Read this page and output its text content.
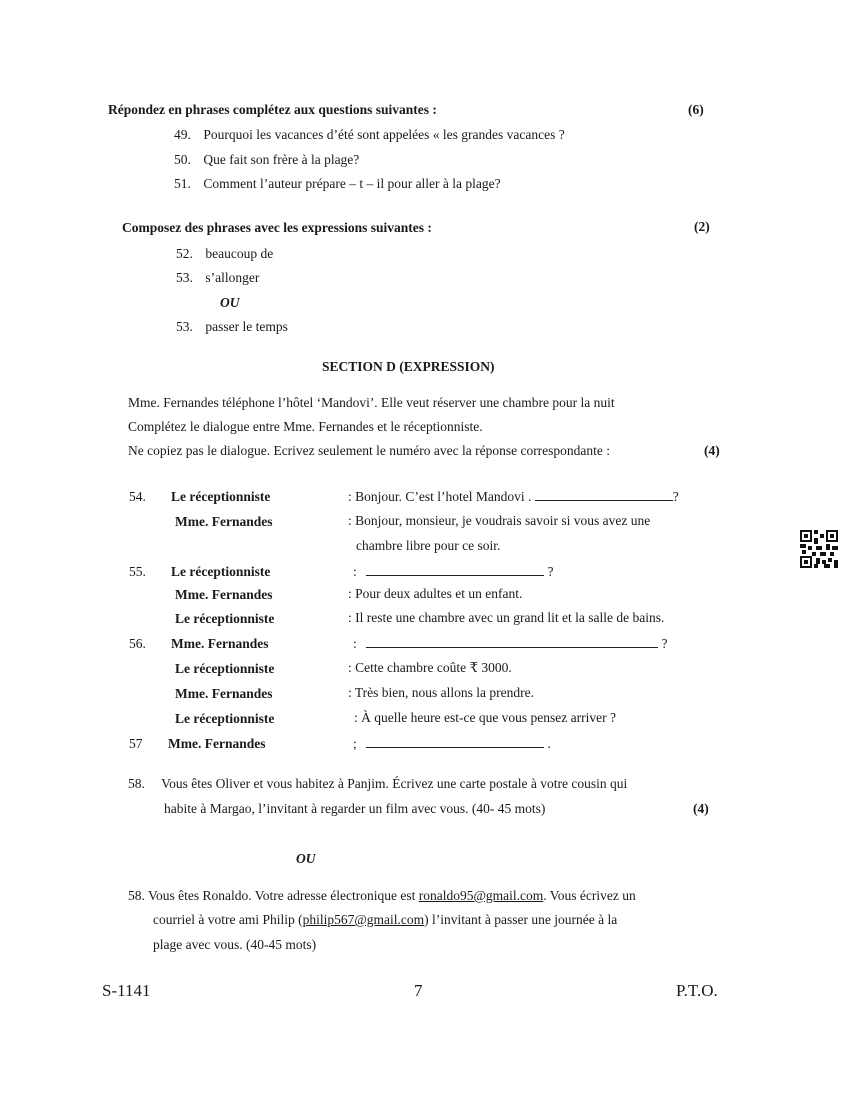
Répondez en phrases complétez aux questions suivantes :	(6)
49. Pourquoi les vacances d’été sont appelées « les grandes vacances ?
50. Que fait son frère à la plage?
51. Comment l’auteur prépare – t – il pour aller à la plage?
Composez des phrases avec les expressions suivantes :	(2)
52. beaucoup de
53. s’allonger
OU
53. passer le temps
SECTION D (EXPRESSION)
Mme. Fernandes téléphone l’hôtel ‘Mandovi’. Elle veut réserver une chambre pour la nuit
Complétez le dialogue entre Mme. Fernandes et le réceptionniste.
Ne copiez pas le dialogue. Ecrivez seulement le numéro avec la réponse correspondante :	(4)
54. Le réceptionniste	: Bonjour. C’est l’hotel Mandovi .	?
Mme. Fernandes	: Bonjour, monsieur, je voudrais savoir si vous avez une
chambre libre pour ce soir.
55. Le réceptionniste	:	?
Mme. Fernandes	: Pour deux adultes et un enfant.
Le réceptionniste	: Il reste une chambre avec un grand lit et la salle de bains.
56. Mme. Fernandes	:	?
Le réceptionniste	: Cette chambre coûte ₹ 3000.
Mme. Fernandes	: Très bien, nous allons la prendre.
Le réceptionniste	: À quelle heure est-ce que vous pensez arriver ?
57 Mme. Fernandes	;	.
58. Vous êtes Oliver et vous habitez à Panjim. Écrivez une carte postale à votre cousin qui
habite à Margao, l’invitant à regarder un film avec vous. (40- 45 mots)	(4)
OU
58. Vous êtes Ronaldo. Votre adresse électronique est ronaldo95@gmail.com. Vous écrivez un
courriel à votre ami Philip (philip567@gmail.com) l’invitant à passer une journée à la
plage avec vous. (40-45 mots)
S-1141	7	P.T.O.
